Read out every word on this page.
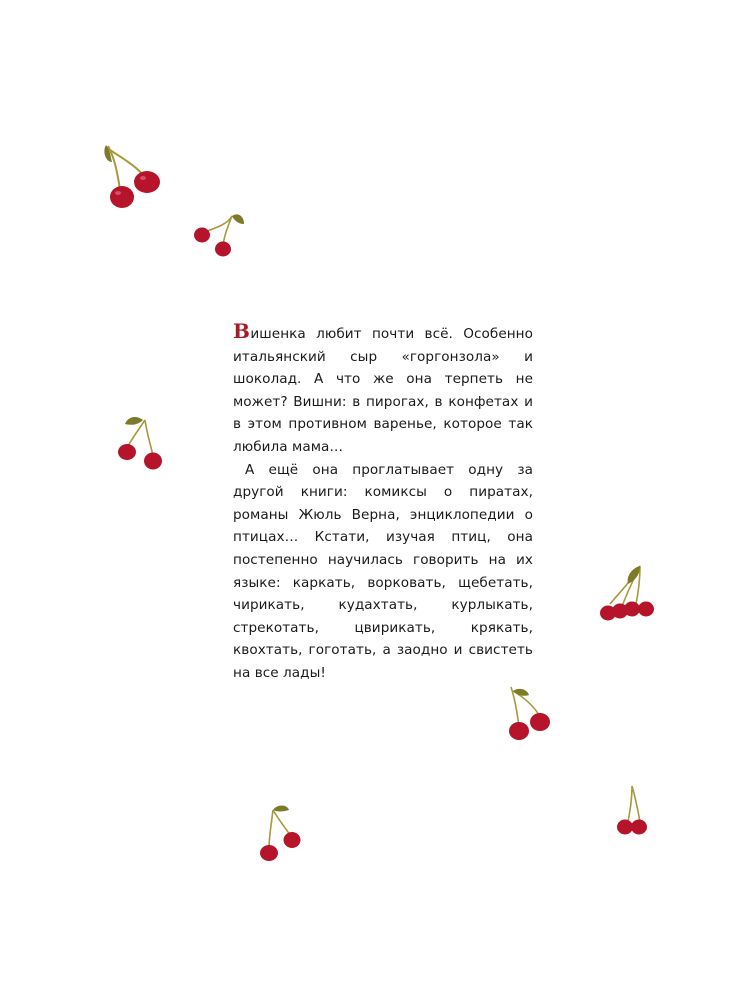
Вишенка любит почти всё. Особенно итальянский сыр «горгонзола» и шоколад. А что же она терпеть не может? Вишни: в пирогах, в конфетах и в этом противном варенье, которое так любила мама…

А ещё она проглатывает одну за другой книги: комиксы о пиратах, романы Жюль Верна, энциклопедии о птицах… Кстати, изучая птиц, она постепенно научилась говорить на их языке: каркать, ворковать, щебетать, чирикать, кудахтать, курлыкать, стрекотать, цвирикать, крякать, квохтать, гоготать, а заодно и свистеть на все лады!
